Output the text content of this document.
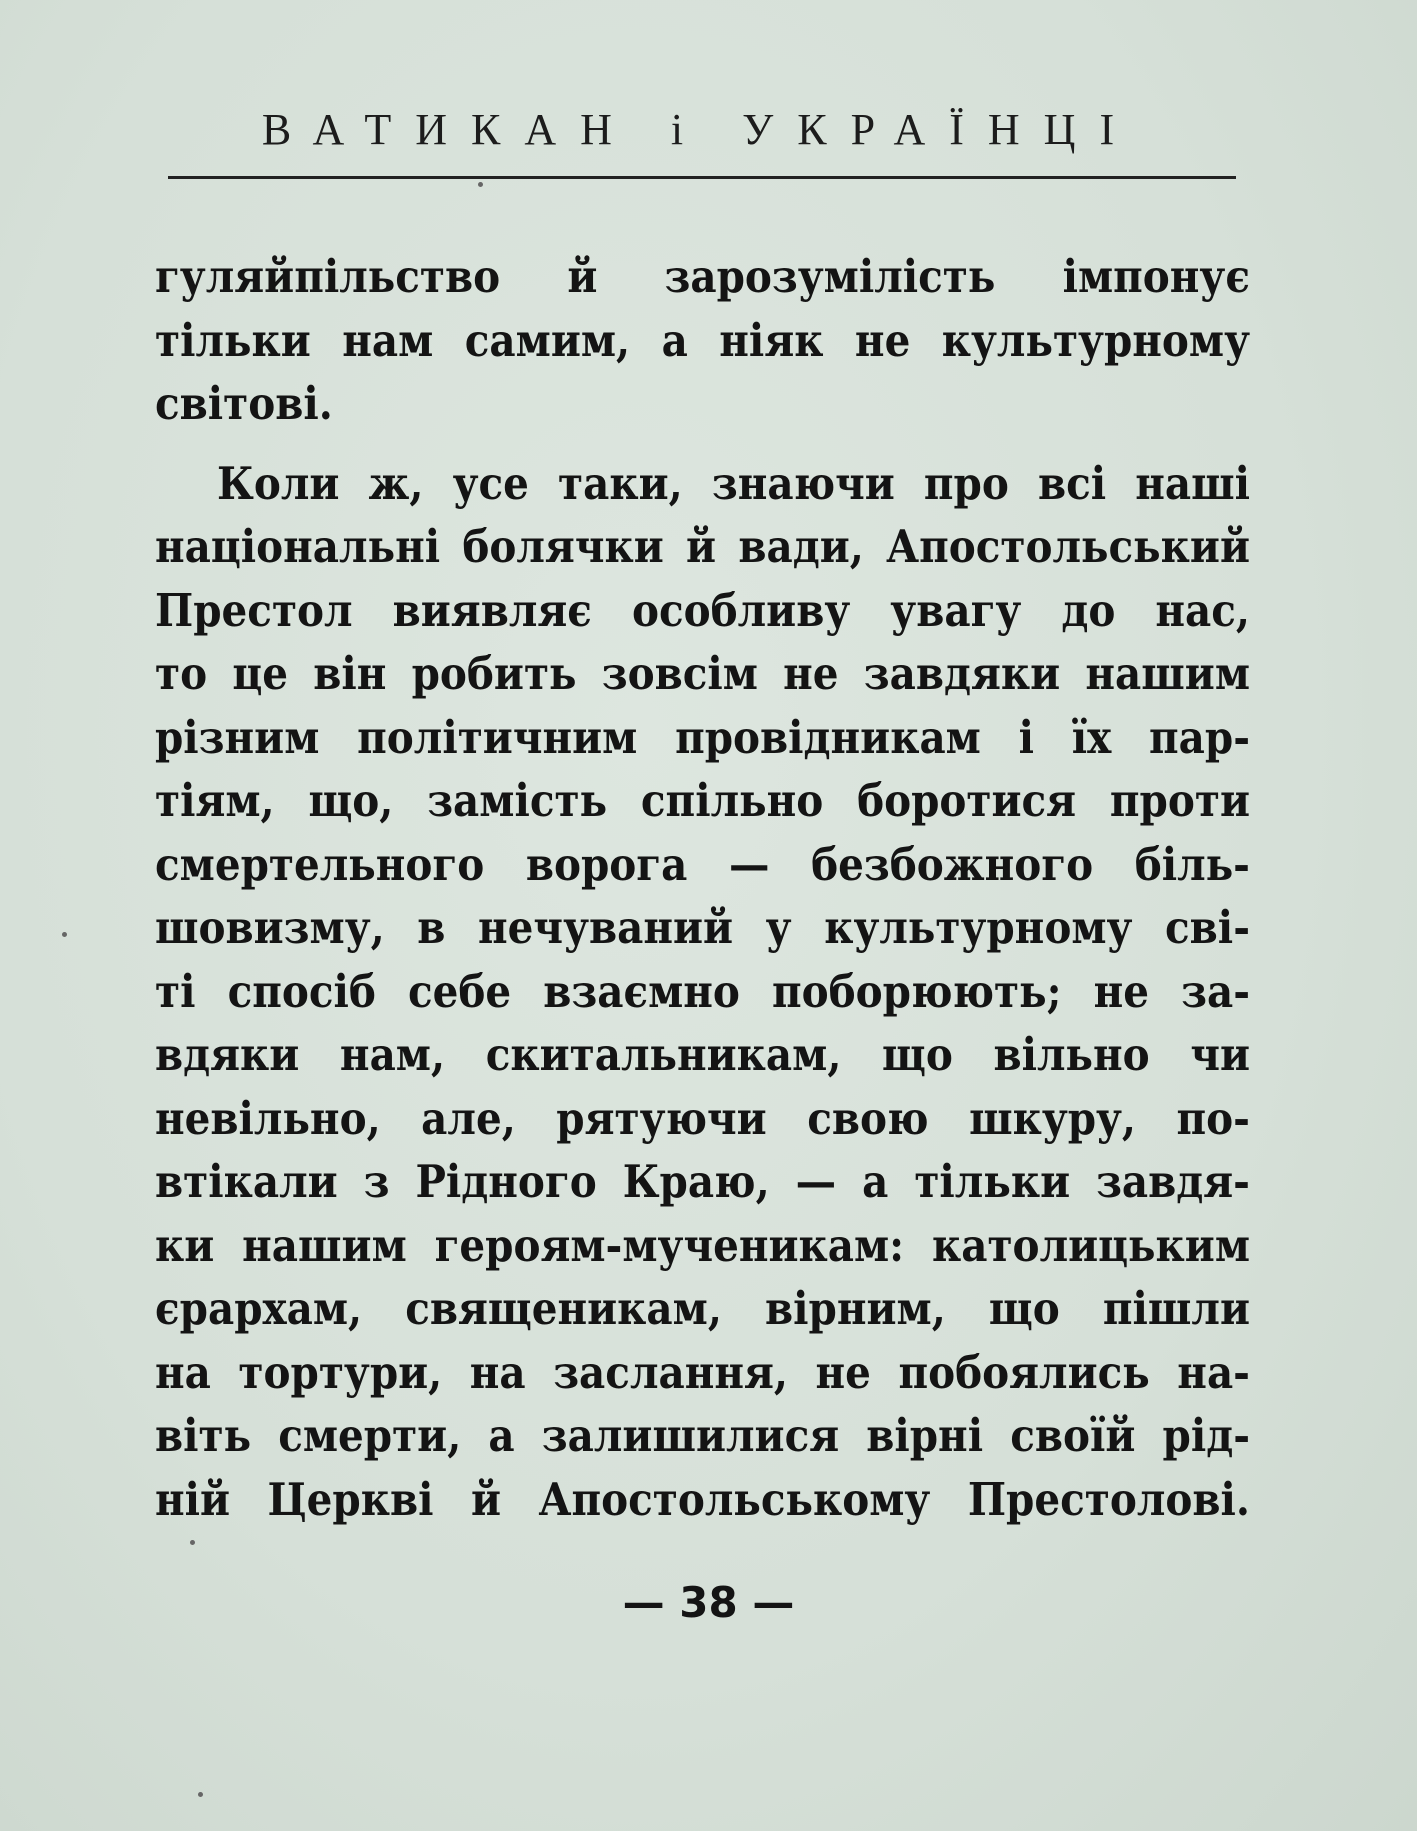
ВАТИКАН і УКРАЇНЦІ
гуляйпільство й зарозумілість імпонує
тільки нам самим, а ніяк не культурному
світові.
Коли ж, усе таки, знаючи про всі наші
національні болячки й вади, Апостольський
Престол виявляє особливу увагу до нас,
то це він робить зовсім не завдяки нашим
різним політичним провідникам і їх пар-
тіям, що, замість спільно боротися проти
смертельного ворога — безбожного біль-
шовизму, в нечуваний у культурному сві-
ті спосіб себе взаємно поборюють; не за-
вдяки нам, скитальникам, що вільно чи
невільно, але, рятуючи свою шкуру, по-
втікали з Рідного Краю, — а тільки завдя-
ки нашим героям-мученикам: католицьким
єрархам, священикам, вірним, що пішли
на тортури, на заслання, не побоялись на-
віть смерти, а залишилися вірні своїй рід-
ній Церкві й Апостольському Престолові.
— 38 —
